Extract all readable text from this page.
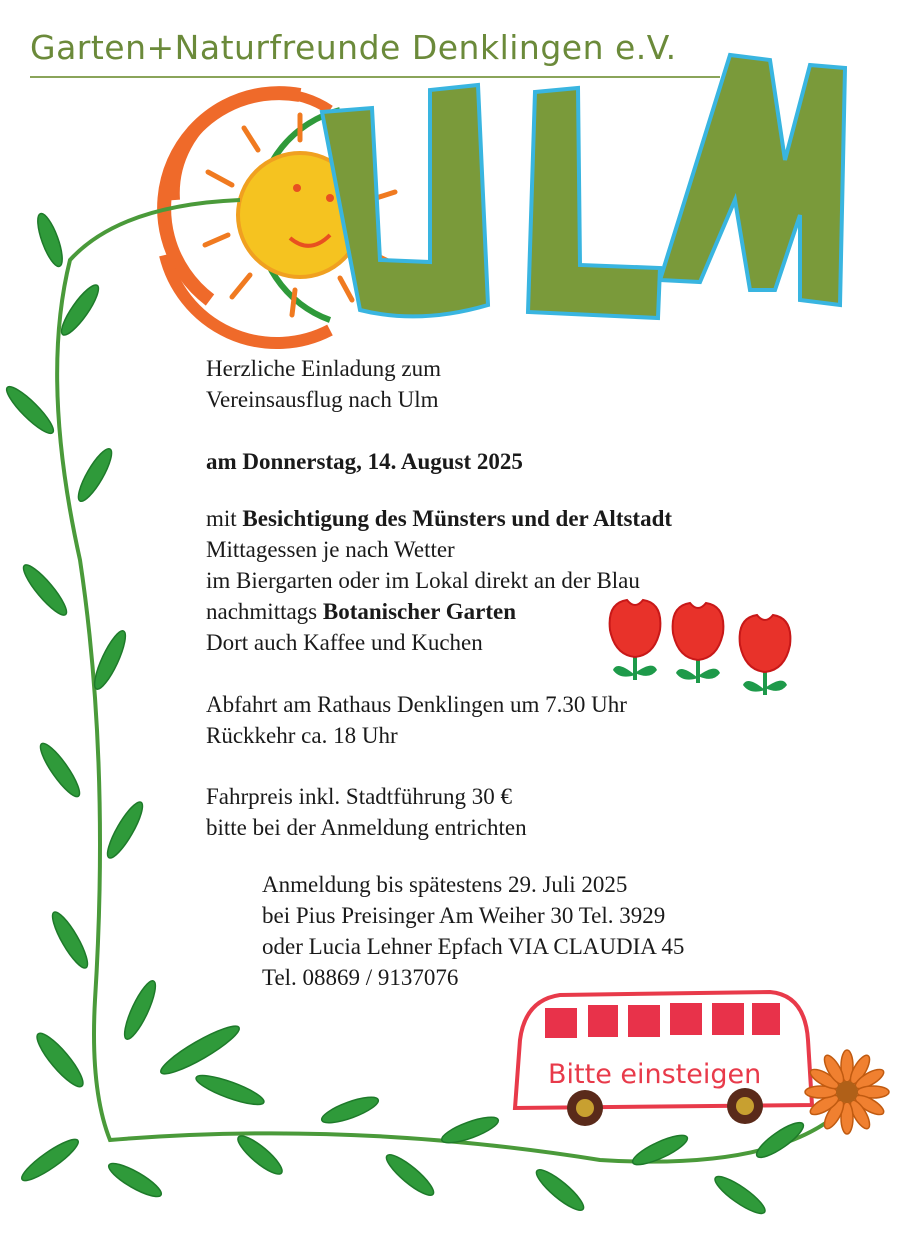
Garten+Naturfreunde Denklingen e.V.
Bitte einsteigen

Herzliche Einladung zum

Vereinsausflug nach Ulm

am Donnerstag, 14. August 2025

mit Besichtigung des Münsters und der Altstadt

Mittagessen je nach Wetter

im Biergarten oder im Lokal direkt an der Blau

nachmittags Botanischer Garten

Dort auch Kaffee und Kuchen

Abfahrt am Rathaus Denklingen um 7.30 Uhr

Rückkehr ca. 18 Uhr

Fahrpreis inkl. Stadtführung 30 €

bitte bei der Anmeldung entrichten

Anmeldung bis spätestens 29. Juli 2025

bei Pius Preisinger Am Weiher 30 Tel. 3929

oder Lucia Lehner Epfach VIA CLAUDIA 45

Tel. 08869 / 9137076
